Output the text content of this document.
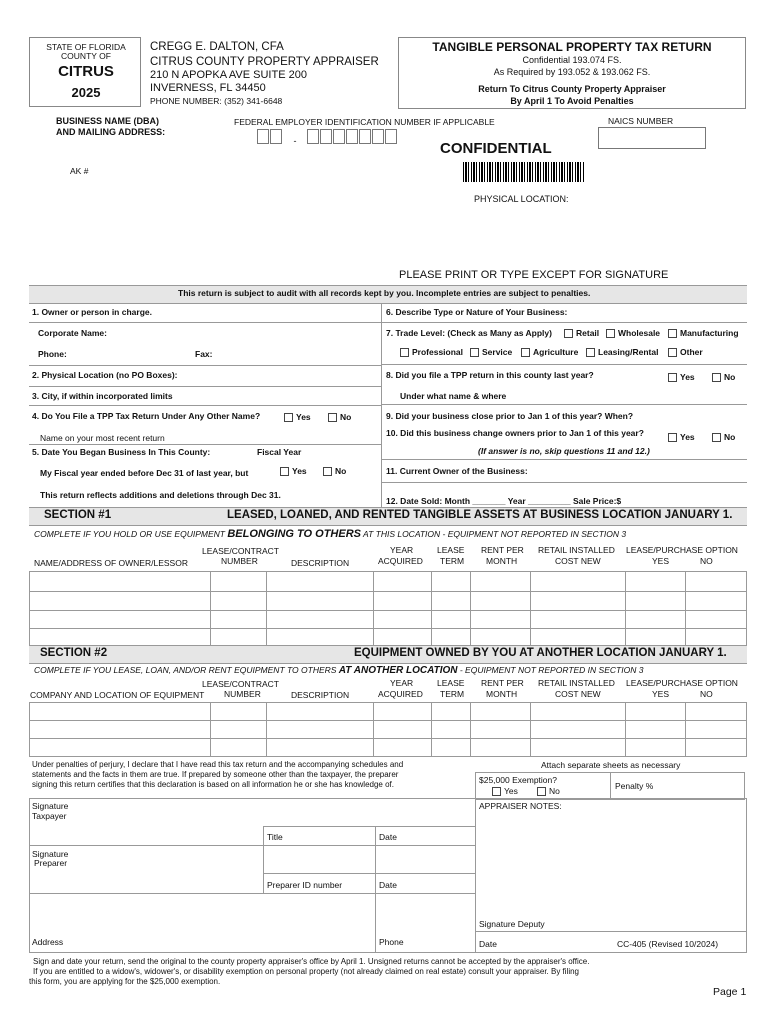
STATE OF FLORIDA
COUNTY OF
CITRUS
2025
CREGG E. DALTON, CFA
CITRUS COUNTY PROPERTY APPRAISER
210 N APOPKA AVE SUITE 200
INVERNESS, FL 34450
PHONE NUMBER: (352) 341-6648
TANGIBLE PERSONAL PROPERTY TAX RETURN
Confidential 193.074 FS.
As Required by 193.052 & 193.062 FS.
Return To Citrus County Property Appraiser
By April 1 To Avoid Penalties
BUSINESS NAME (DBA)
AND MAILING ADDRESS:
FEDERAL EMPLOYER IDENTIFICATION NUMBER IF APPLICABLE
-
NAICS NUMBER
CONFIDENTIAL
AK #
PHYSICAL LOCATION:
PLEASE PRINT OR TYPE EXCEPT FOR SIGNATURE
This return is subject to audit with all records kept by you. Incomplete entries are subject to penalties.
1. Owner or person in charge.
Corporate Name:
Phone:	Fax:
2. Physical Location (no PO Boxes):
3. City, if within incorporated limits
4. Do You File a TPP Tax Return Under Any Other Name?	Yes	No
Name on your most recent return
5. Date You Began Business In This County:	Fiscal Year
My Fiscal year ended before Dec 31 of last year, but	Yes	No
This return reflects additions and deletions through Dec 31.
6. Describe Type or Nature of Your Business:
7. Trade Level: (Check as Many as Apply)	Retail	Wholesale	Manufacturing
Professional	Service	Agriculture	Leasing/Rental	Other
8. Did you file a TPP return in this county last year?	Yes	No
Under what name & where
9. Did your business close prior to Jan 1 of this year? When?
10. Did this business change owners prior to Jan 1 of this year?	Yes	No
(If answer is no, skip questions 11 and 12.)
11. Current Owner of the Business:
12. Date Sold: Month _______ Year _________ Sale Price:$
SECTION #1	LEASED, LOANED, AND RENTED TANGIBLE ASSETS AT BUSINESS LOCATION JANUARY 1.
COMPLETE IF YOU HOLD OR USE EQUIPMENT BELONGING TO OTHERS AT THIS LOCATION - EQUIPMENT NOT REPORTED IN SECTION 3
LEASE/CONTRACT
NUMBER
NAME/ADDRESS OF OWNER/LESSOR	DESCRIPTION
YEAR
ACQUIRED
LEASE
TERM
RENT PER
MONTH
RETAIL INSTALLED
COST NEW
LEASE/PURCHASE OPTION
YES	NO
SECTION #2	EQUIPMENT OWNED BY YOU AT ANOTHER LOCATION JANUARY 1.
COMPLETE IF YOU LEASE, LOAN, AND/OR RENT EQUIPMENT TO OTHERS AT ANOTHER LOCATION - EQUIPMENT NOT REPORTED IN SECTION 3
LEASE/CONTRACT
NUMBER
COMPANY AND LOCATION OF EQUIPMENT	DESCRIPTION
YEAR
ACQUIRED
LEASE
TERM
RENT PER
MONTH
RETAIL INSTALLED
COST NEW
LEASE/PURCHASE OPTION
YES	NO
Under penalties of perjury, I declare that I have read this tax return and the accompanying schedules and
statements and the facts in them are true. If prepared by someone other than the taxpayer, the preparer
signing this return certifies that this declaration is based on all information he or she has knowledge of.
Attach separate sheets as necessary
$25,000 Exemption?
Yes	No	Penalty %
APPRAISER NOTES:
Signature
Taxpayer
Title	Date
Signature
Preparer
Preparer ID number	Date
Signature Deputy
Address	Phone	Date	CC-405 (Revised 10/2024)
Sign and date your return, send the original to the county property appraiser's office by April 1. Unsigned returns cannot be accepted by the appraiser's office.
If you are entitled to a widow's, widower's, or disability exemption on personal property (not already claimed on real estate) consult your appraiser. By filing
this form, you are applying for the $25,000 exemption.
Page 1
